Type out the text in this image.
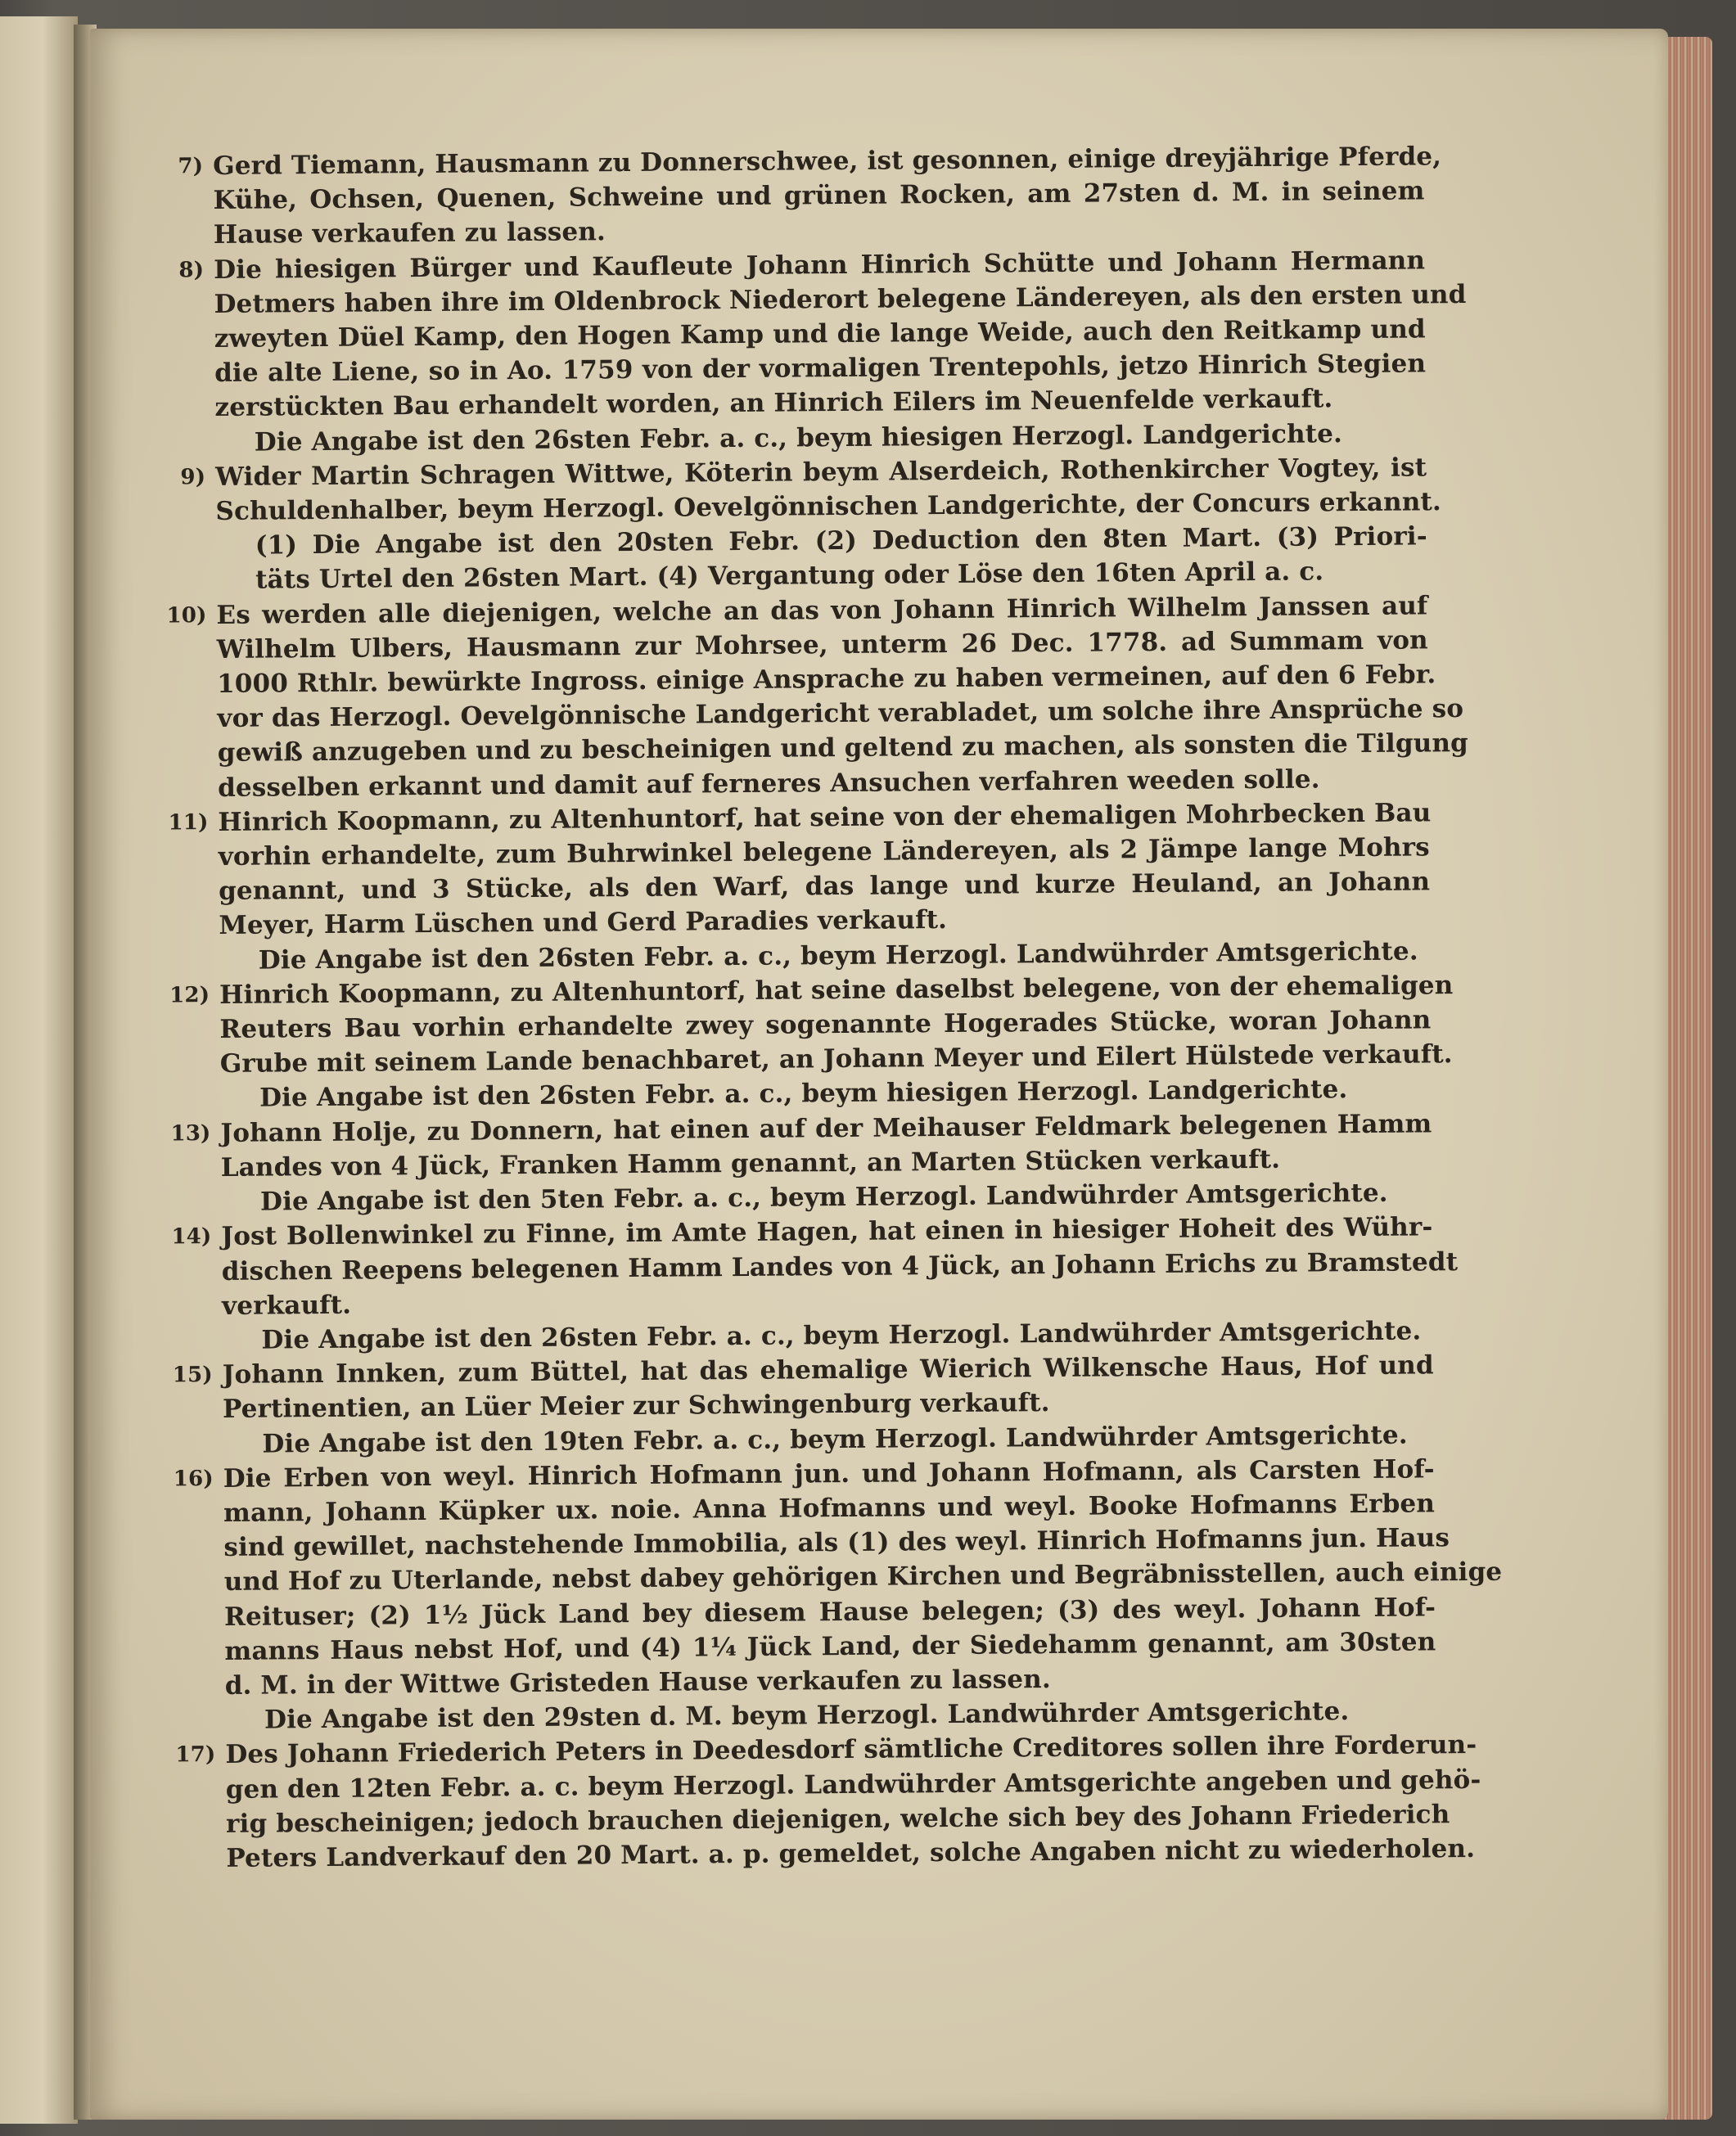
7) Gerd Tiemann, Hausmann zu Donnerschwee, ist gesonnen, einige dreyjährige Pferde,
Kühe, Ochsen, Quenen, Schweine und grünen Rocken, am 27sten d. M. in seinem
Hause verkaufen zu lassen.
8) Die hiesigen Bürger und Kaufleute Johann Hinrich Schütte und Johann Hermann
Detmers haben ihre im Oldenbrock Niederort belegene Ländereyen, als den ersten und
zweyten Düel Kamp, den Hogen Kamp und die lange Weide, auch den Reitkamp und
die alte Liene, so in Ao. 1759 von der vormaligen Trentepohls, jetzo Hinrich Stegien
zerstückten Bau erhandelt worden, an Hinrich Eilers im Neuenfelde verkauft.
Die Angabe ist den 26sten Febr. a. c., beym hiesigen Herzogl. Landgerichte.
9) Wider Martin Schragen Wittwe, Köterin beym Alserdeich, Rothenkircher Vogtey, ist
Schuldenhalber, beym Herzogl. Oevelgönnischen Landgerichte, der Concurs erkannt.
(1) Die Angabe ist den 20sten Febr. (2) Deduction den 8ten Mart. (3) Priori-
täts Urtel den 26sten Mart. (4) Vergantung oder Löse den 16ten April a. c.
10) Es werden alle diejenigen, welche an das von Johann Hinrich Wilhelm Janssen auf
Wilhelm Ulbers, Hausmann zur Mohrsee, unterm 26 Dec. 1778. ad Summam von
1000 Rthlr. bewürkte Ingross. einige Ansprache zu haben vermeinen, auf den 6 Febr.
vor das Herzogl. Oevelgönnische Landgericht verabladet, um solche ihre Ansprüche so
gewiß anzugeben und zu bescheinigen und geltend zu machen, als sonsten die Tilgung
desselben erkannt und damit auf ferneres Ansuchen verfahren weeden solle.
11) Hinrich Koopmann, zu Altenhuntorf, hat seine von der ehemaligen Mohrbecken Bau
vorhin erhandelte, zum Buhrwinkel belegene Ländereyen, als 2 Jämpe lange Mohrs
genannt, und 3 Stücke, als den Warf, das lange und kurze Heuland, an Johann
Meyer, Harm Lüschen und Gerd Paradies verkauft.
Die Angabe ist den 26sten Febr. a. c., beym Herzogl. Landwührder Amtsgerichte.
12) Hinrich Koopmann, zu Altenhuntorf, hat seine daselbst belegene, von der ehemaligen
Reuters Bau vorhin erhandelte zwey sogenannte Hogerades Stücke, woran Johann
Grube mit seinem Lande benachbaret, an Johann Meyer und Eilert Hülstede verkauft.
Die Angabe ist den 26sten Febr. a. c., beym hiesigen Herzogl. Landgerichte.
13) Johann Holje, zu Donnern, hat einen auf der Meihauser Feldmark belegenen Hamm
Landes von 4 Jück, Franken Hamm genannt, an Marten Stücken verkauft.
Die Angabe ist den 5ten Febr. a. c., beym Herzogl. Landwührder Amtsgerichte.
14) Jost Bollenwinkel zu Finne, im Amte Hagen, hat einen in hiesiger Hoheit des Wühr-
dischen Reepens belegenen Hamm Landes von 4 Jück, an Johann Erichs zu Bramstedt
verkauft.
Die Angabe ist den 26sten Febr. a. c., beym Herzogl. Landwührder Amtsgerichte.
15) Johann Innken, zum Büttel, hat das ehemalige Wierich Wilkensche Haus, Hof und
Pertinentien, an Lüer Meier zur Schwingenburg verkauft.
Die Angabe ist den 19ten Febr. a. c., beym Herzogl. Landwührder Amtsgerichte.
16) Die Erben von weyl. Hinrich Hofmann jun. und Johann Hofmann, als Carsten Hof-
mann, Johann Küpker ux. noie. Anna Hofmanns und weyl. Booke Hofmanns Erben
sind gewillet, nachstehende Immobilia, als (1) des weyl. Hinrich Hofmanns jun. Haus
und Hof zu Uterlande, nebst dabey gehörigen Kirchen und Begräbnisstellen, auch einige
Reituser; (2) 1½ Jück Land bey diesem Hause belegen; (3) des weyl. Johann Hof-
manns Haus nebst Hof, und (4) 1¼ Jück Land, der Siedehamm genannt, am 30sten
d. M. in der Wittwe Gristeden Hause verkaufen zu lassen.
Die Angabe ist den 29sten d. M. beym Herzogl. Landwührder Amtsgerichte.
17) Des Johann Friederich Peters in Deedesdorf sämtliche Creditores sollen ihre Forderun-
gen den 12ten Febr. a. c. beym Herzogl. Landwührder Amtsgerichte angeben und gehö-
rig bescheinigen; jedoch brauchen diejenigen, welche sich bey des Johann Friederich
Peters Landverkauf den 20 Mart. a. p. gemeldet, solche Angaben nicht zu wiederholen.
